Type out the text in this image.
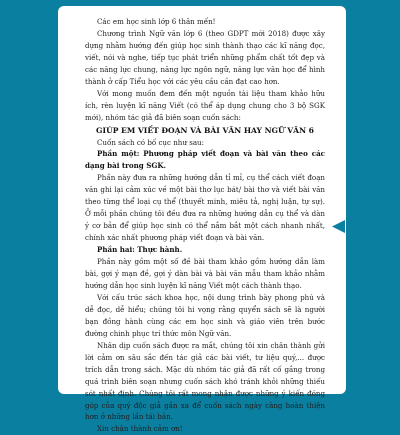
Các em học sinh lớp 6 thân mến!

Chương trình Ngữ văn lớp 6 (theo GDPT mới 2018) được xây dựng nhằm hướng đến giúp học sinh thành thạo các kĩ năng đọc, viết, nói và nghe, tiếp tục phát triển những phẩm chất tốt đẹp và các năng lực chung, năng lực ngôn ngữ, năng lực văn học để hình thành ở cấp Tiểu học với các yêu cầu cần đạt cao hơn.

Với mong muốn đem đến một nguồn tài liệu tham khảo hữu ích, rèn luyện kĩ năng Viết (có thể áp dụng chung cho 3 bộ SGK mới), nhóm tác giả đã biên soạn cuốn sách:

GIÚP EM VIẾT ĐOẠN VÀ BÀI VĂN HAY NGỮ VĂN 6

Cuốn sách có bố cục như sau:

Phần một: Phương pháp viết đoạn và bài văn theo các dạng bài trong SGK.

Phần này đưa ra những hướng dẫn tỉ mỉ, cụ thể cách viết đoạn văn ghi lại cảm xúc về một bài thơ lục bát/ bài thơ và viết bài văn theo từng thể loại cụ thể (thuyết minh, miêu tả, nghị luận, tự sự). Ở mỗi phần chúng tôi đều đưa ra những hướng dẫn cụ thể và dàn ý cơ bản để giúp học sinh có thể nắm bắt một cách nhanh nhất, chính xác nhất phương pháp viết đoạn và bài văn.

Phần hai: Thực hành.

Phần này gồm một số đề bài tham khảo gồm hướng dẫn làm bài, gợi ý mạn đề, gợi ý dàn bài và bài văn mẫu tham khảo nhằm hướng dẫn học sinh luyện kĩ năng Viết một cách thành thạo.

Với cấu trúc sách khoa học, nội dung trình bày phong phú và dễ đọc, dễ hiểu; chúng tôi hi vọng rằng quyển sách sẽ là người bạn đồng hành cùng các em học sinh và giáo viên trên bước đường chinh phục trí thức môn Ngữ văn.

Nhân dịp cuốn sách được ra mắt, chúng tôi xin chân thành gửi lời cảm ơn sâu sắc đến tác giả các bài viết, tư liệu quý,... được trích dẫn trong sách. Mặc dù nhóm tác giả đã rất cố gắng trong quá trình biên soạn nhưng cuốn sách khó tránh khỏi những thiếu sót nhất định. Chúng tôi rất mong nhận được những ý kiến đóng góp của quý độc giả gần xa để cuốn sách ngày càng hoàn thiện hơn ở những lần tái bản.

Xin chân thành cảm ơn!
